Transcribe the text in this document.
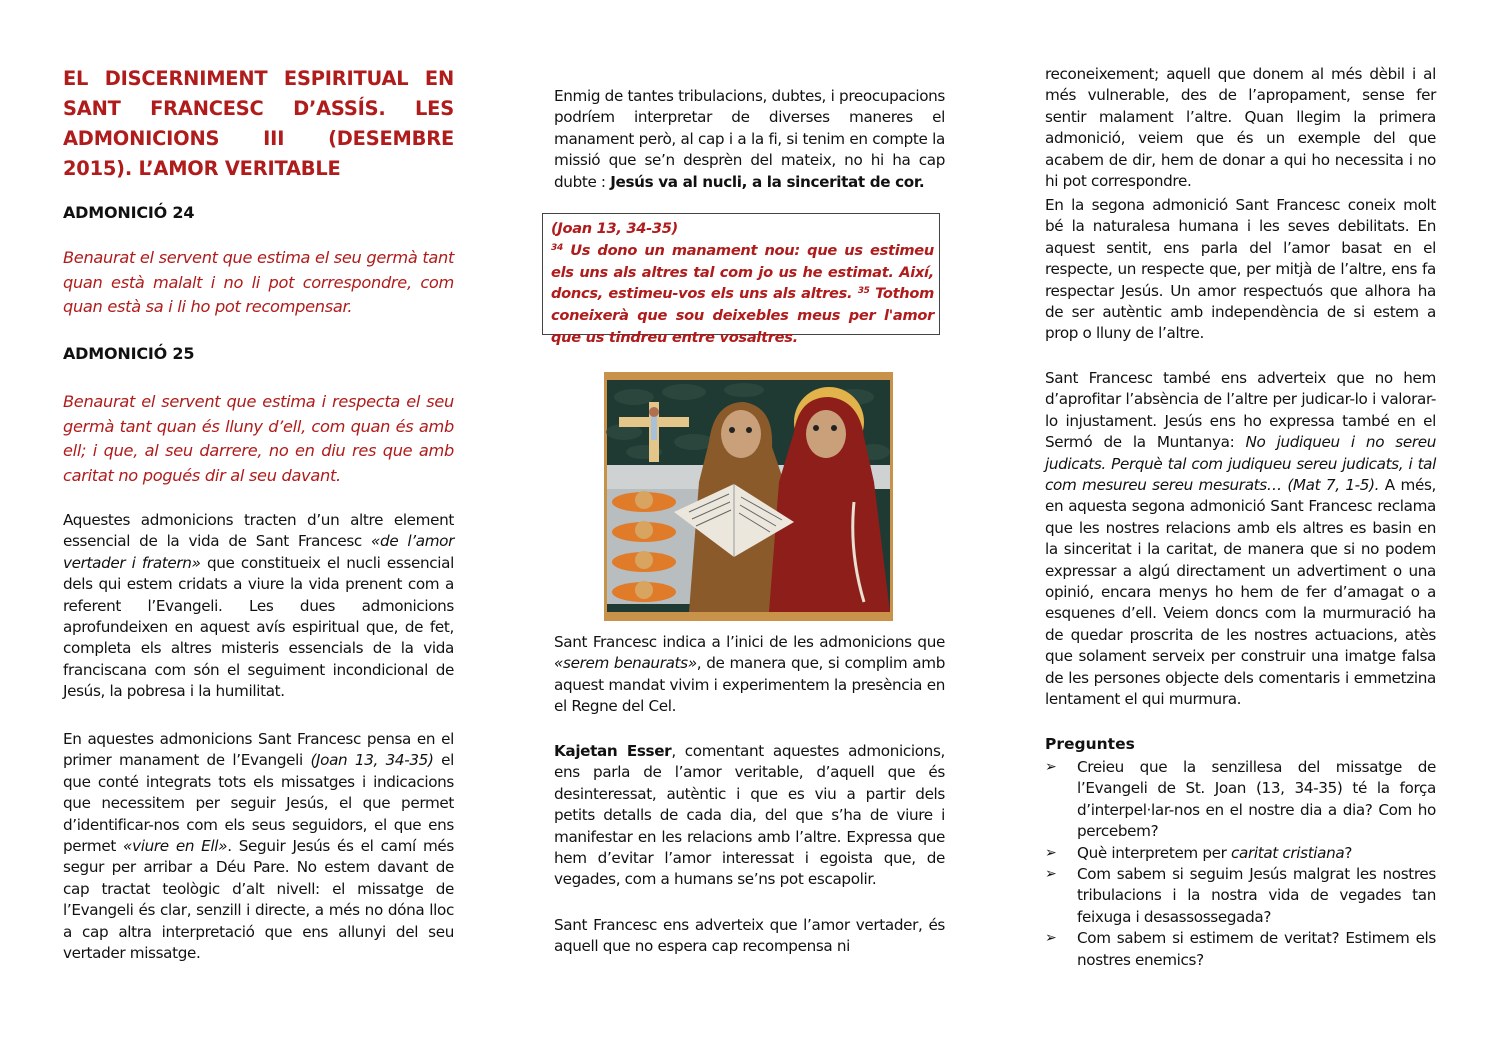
EL DISCERNIMENT ESPIRITUAL EN SANT FRANCESC D’ASSÍS. LES ADMONICIONS III (DESEMBRE 2015). L’AMOR VERITABLE
ADMONICIÓ 24

Benaurat el servent que estima el seu germà tant quan està malalt i no li pot correspondre, com quan està sa i li ho pot recompensar.

ADMONICIÓ 25

Benaurat el servent que estima i respecta el seu germà tant quan és lluny d’ell, com quan és amb ell; i que, al seu darrere, no en diu res que amb caritat no pogués dir al seu davant.

Aquestes admonicions tracten d’un altre element essencial de la vida de Sant Francesc «de l’amor vertader i fratern» que constitueix el nucli essencial dels qui estem cridats a viure la vida prenent com a referent l’Evangeli. Les dues admonicions aprofundeixen en aquest avís espiritual que, de fet, completa els altres misteris essencials de la vida franciscana com són el seguiment incondicional de Jesús, la pobresa i la humilitat.

En aquestes admonicions Sant Francesc pensa en el primer manament de l’Evangeli (Joan 13, 34-35) el que conté integrats tots els missatges i indicacions que necessitem per seguir Jesús, el que permet d’identificar-nos com els seus seguidors, el que ens permet «viure en Ell». Seguir Jesús és el camí més segur per arribar a Déu Pare. No estem davant de cap tractat teològic d’alt nivell: el missatge de l’Evangeli és clar, senzill i directe, a més no dóna lloc a cap altra interpretació que ens allunyi del seu vertader missatge.

Enmig de tantes tribulacions, dubtes, i preocupacions podríem interpretar de diverses maneres el manament però, al cap i a la fi, si tenim en compte la missió que se’n desprèn del mateix, no hi ha cap dubte : Jesús va al nucli, a la sinceritat de cor.

(Joan 13, 34-35)
$^{34}$ Us dono un manament nou: que us estimeu els uns als altres tal com jo us he estimat. Així, doncs, estimeu-vos els uns als altres. $^{35}$ Tothom coneixerà que sou deixebles meus per l'amor que us tindreu entre vosaltres.

Sant Francesc indica a l’inici de les admonicions que «serem benaurats», de manera que, si complim amb aquest mandat vivim i experimentem la presència en el Regne del Cel.

Kajetan Esser, comentant aquestes admonicions, ens parla de l’amor veritable, d’aquell que és desinteressat, autèntic i que es viu a partir dels petits detalls de cada dia, del que s’ha de viure i manifestar en les relacions amb l’altre. Expressa que hem d’evitar l’amor interessat i egoista que, de vegades, com a humans se’ns pot escapolir.

Sant Francesc ens adverteix que l’amor vertader, és aquell que no espera cap recompensa ni

reconeixement; aquell que donem al més dèbil i al més vulnerable, des de l’apropament, sense fer sentir malament l’altre. Quan llegim la primera admonició, veiem que és un exemple del que acabem de dir, hem de donar a qui ho necessita i no hi pot correspondre.

En la segona admonició Sant Francesc coneix molt bé la naturalesa humana i les seves debilitats. En aquest sentit, ens parla del l’amor basat en el respecte, un respecte que, per mitjà de l’altre, ens fa respectar Jesús. Un amor respectuós que alhora ha de ser autèntic amb independència de si estem a prop o lluny de l’altre.

Sant Francesc també ens adverteix que no hem d’aprofitar l’absència de l’altre per judicar-lo i valorar-lo injustament. Jesús ens ho expressa també en el Sermó de la Muntanya: No judiqueu i no sereu judicats. Perquè tal com judiqueu sereu judicats, i tal com mesureu sereu mesurats… (Mat 7, 1-5). A més, en aquesta segona admonició Sant Francesc reclama que les nostres relacions amb els altres es basin en la sinceritat i la caritat, de manera que si no podem expressar a algú directament un advertiment o una opinió, encara menys ho hem de fer d’amagat o a esquenes d’ell. Veiem doncs com la murmuració ha de quedar proscrita de les nostres actuacions, atès que solament serveix per construir una imatge falsa de les persones objecte dels comentaris i emmetzina lentament el qui murmura.

Preguntes
➢ Creieu que la senzillesa del missatge de l’Evangeli de St. Joan (13, 34-35) té la força d’interpel·lar-nos en el nostre dia a dia? Com ho percebem?
➢ Què interpretem per caritat cristiana?
➢ Com sabem si seguim Jesús malgrat les nostres tribulacions i la nostra vida de vegades tan feixuga i desassossegada?
➢ Com sabem si estimem de veritat? Estimem els nostres enemics?
